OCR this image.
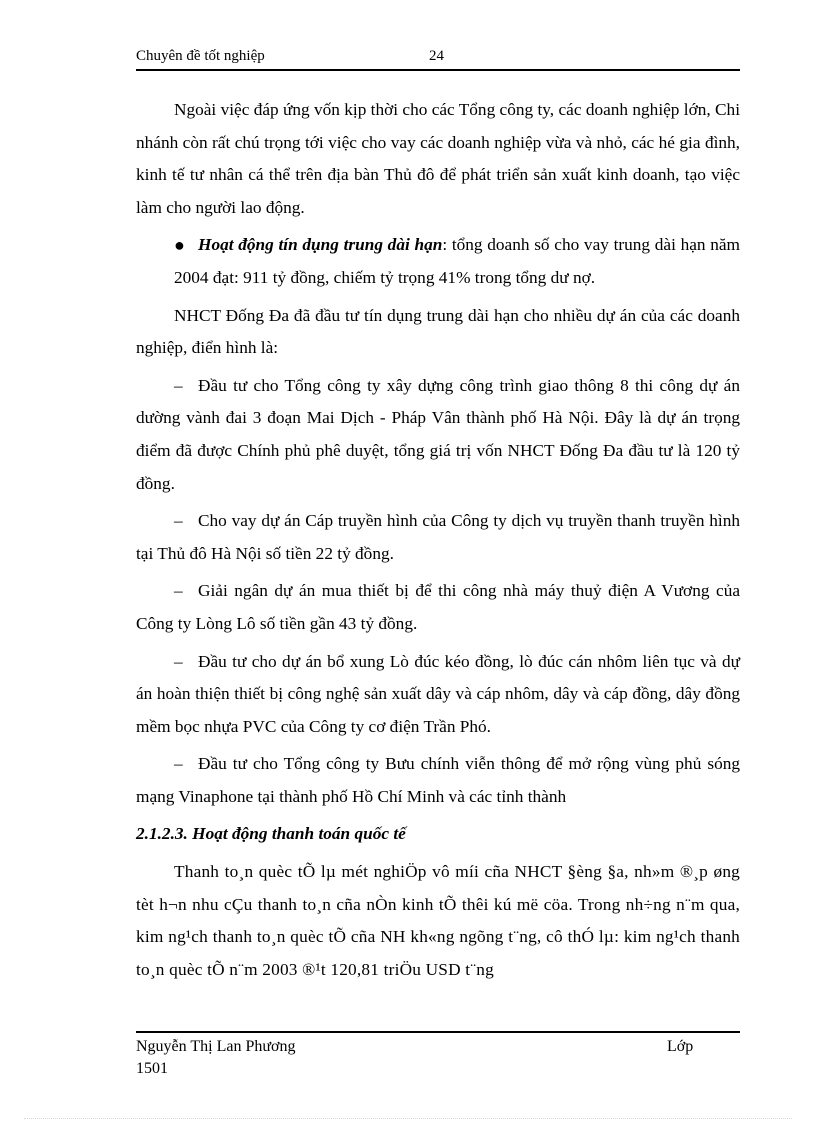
Chuyên đề tốt nghiệp	24

Ngoài việc đáp ứng vốn kịp thời cho các Tổng công ty, các doanh nghiệp lớn, Chi nhánh còn rất chú trọng tới việc cho vay các doanh nghiệp vừa và nhỏ, các hé gia đình, kinh tế tư nhân cá thể trên địa bàn Thủ đô để phát triển sản xuất kinh doanh, tạo việc làm cho người lao động.

● Hoạt động tín dụng trung dài hạn: tổng doanh số cho vay trung dài hạn năm 2004 đạt: 911 tỷ đồng, chiếm tỷ trọng 41% trong tổng dư nợ.

NHCT Đống Đa đã đầu tư tín dụng trung dài hạn cho nhiều dự án của các doanh nghiệp, điển hình là:

– Đầu tư cho Tổng công ty xây dựng công trình giao thông 8 thi công dự án dường vành đai 3 đoạn Mai Dịch - Pháp Vân thành phố Hà Nội. Đây là dự án trọng điểm đã được Chính phủ phê duyệt, tổng giá trị vốn NHCT Đống Đa đầu tư là 120 tỷ đồng.

– Cho vay dự án Cáp truyền hình của Công ty dịch vụ truyền thanh truyền hình tại Thủ đô Hà Nội số tiền 22 tỷ đồng.

– Giải ngân dự án mua thiết bị để thi công nhà máy thuỷ điện A Vương của Công ty Lòng Lô số tiền gần 43 tỷ đồng.

– Đầu tư cho dự án bổ xung Lò đúc kéo đồng, lò đúc cán nhôm liên tục và dự án hoàn thiện thiết bị công nghệ sản xuất dây và cáp nhôm, dây và cáp đồng, dây đồng mềm bọc nhựa PVC của Công ty cơ điện Trần Phó.

– Đầu tư cho Tổng công ty Bưu chính viễn thông để mở rộng vùng phủ sóng mạng Vinaphone tại thành phố Hồ Chí Minh và các tỉnh thành

2.1.2.3. Hoạt động thanh toán quốc tế

Thanh to¸n quèc tÕ lµ mét nghiÖp vô míi cña NHCT §èng §a, nh»m ®¸p øng tèt h¬n nhu cÇu thanh to¸n cña nÒn kinh tÕ thêi kú më cöa. Trong nh÷ng n¨m qua, kim ng¹ch thanh to¸n quèc tÕ cña NH kh«ng ngõng t¨ng, cô thÓ lµ: kim ng¹ch thanh to¸n quèc tÕ n¨m 2003 ®¹t 120,81 triÖu USD t¨ng

Nguyễn Thị Lan Phương	Lớp
1501
